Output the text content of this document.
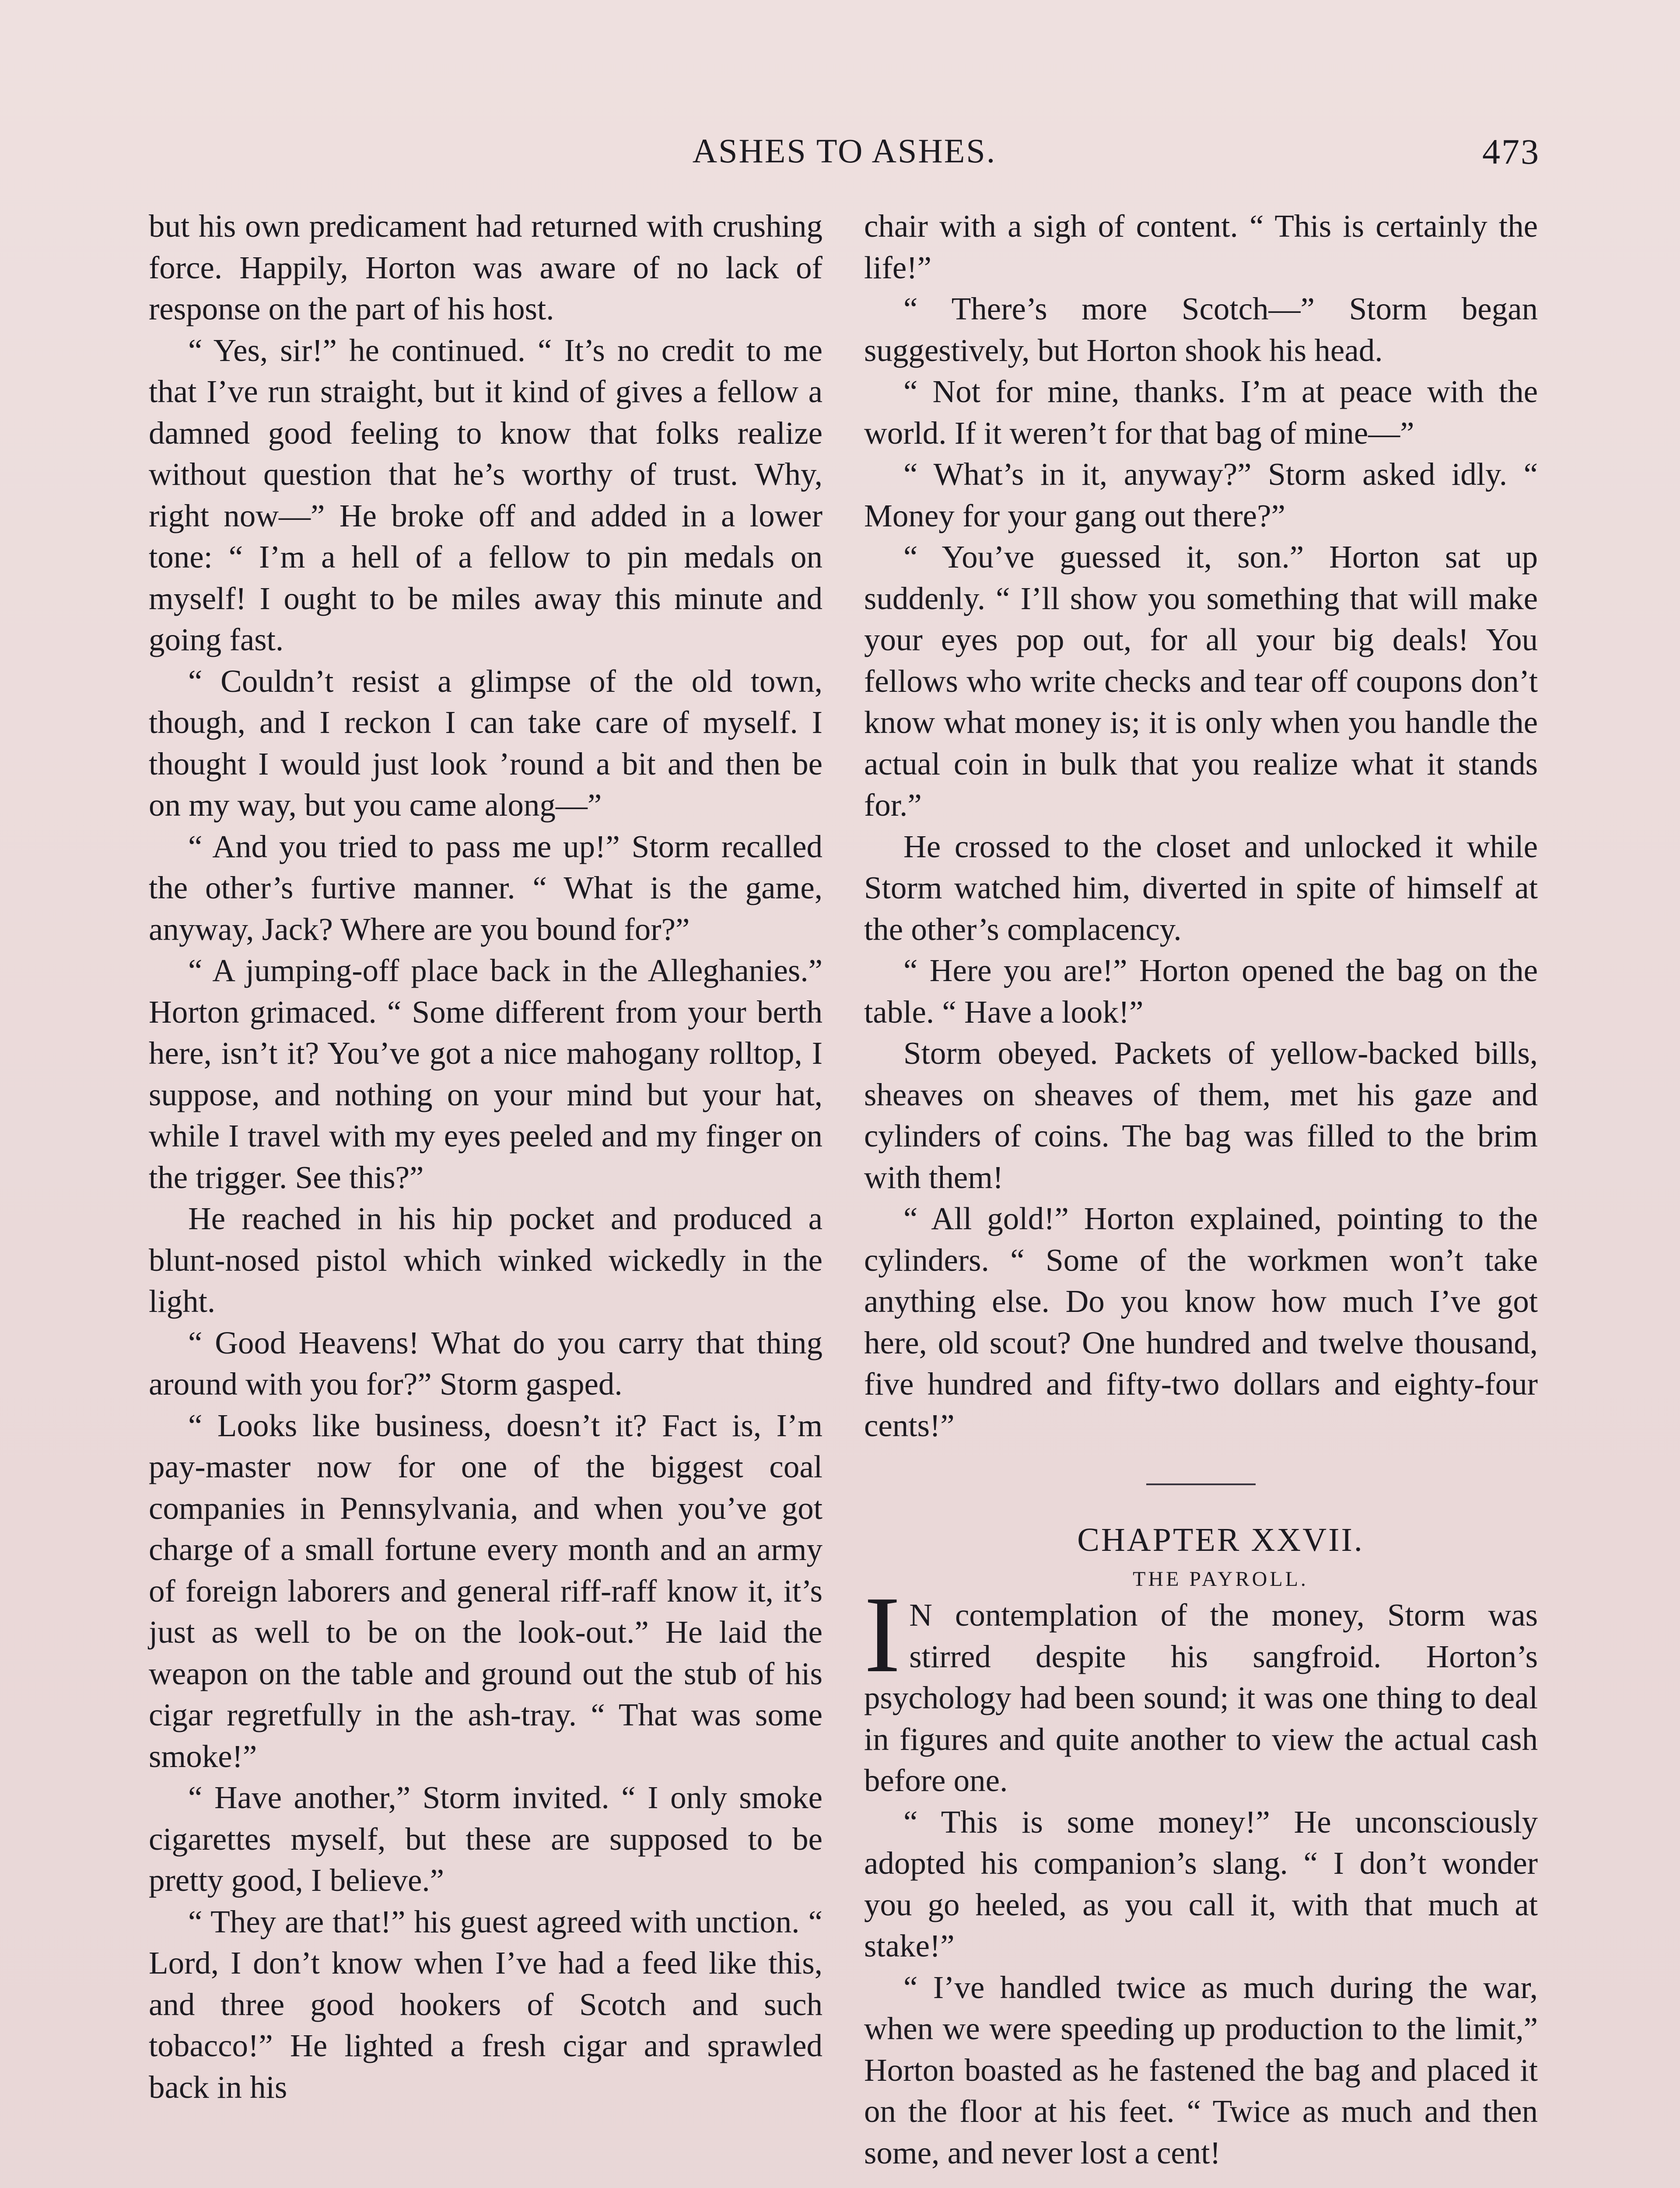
ASHES TO ASHES.	473

but his own predicament had returned with crushing force. Happily, Horton was aware of no lack of response on the part of his host.

“ Yes, sir!” he continued. “ It’s no credit to me that I’ve run straight, but it kind of gives a fellow a damned good feeling to know that folks realize without question that he’s worthy of trust. Why, right now—” He broke off and added in a lower tone: “ I’m a hell of a fellow to pin medals on myself! I ought to be miles away this minute and going fast.

“ Couldn’t resist a glimpse of the old town, though, and I reckon I can take care of myself. I thought I would just look ’round a bit and then be on my way, but you came along—”

“ And you tried to pass me up!” Storm recalled the other’s furtive manner. “ What is the game, anyway, Jack? Where are you bound for?”

“ A jumping-off place back in the Alleghanies.” Horton grimaced. “ Some different from your berth here, isn’t it? You’ve got a nice mahogany rolltop, I suppose, and nothing on your mind but your hat, while I travel with my eyes peeled and my finger on the trigger. See this?”

He reached in his hip pocket and produced a blunt-nosed pistol which winked wickedly in the light.

“ Good Heavens! What do you carry that thing around with you for?” Storm gasped.

“ Looks like business, doesn’t it? Fact is, I’m pay-master now for one of the biggest coal companies in Pennsylvania, and when you’ve got charge of a small fortune every month and an army of foreign laborers and general riff-raff know it, it’s just as well to be on the look-out.” He laid the weapon on the table and ground out the stub of his cigar regretfully in the ash-tray. “ That was some smoke!”

“ Have another,” Storm invited. “ I only smoke cigarettes myself, but these are supposed to be pretty good, I believe.”

“ They are that!” his guest agreed with unction. “ Lord, I don’t know when I’ve had a feed like this, and three good hookers of Scotch and such tobacco!” He lighted a fresh cigar and sprawled back in his

chair with a sigh of content. “ This is certainly the life!”

“ There’s more Scotch—” Storm began suggestively, but Horton shook his head.

“ Not for mine, thanks. I’m at peace with the world. If it weren’t for that bag of mine—”

“ What’s in it, anyway?” Storm asked idly. “ Money for your gang out there?”

“ You’ve guessed it, son.” Horton sat up suddenly. “ I’ll show you something that will make your eyes pop out, for all your big deals! You fellows who write checks and tear off coupons don’t know what money is; it is only when you handle the actual coin in bulk that you realize what it stands for.”

He crossed to the closet and unlocked it while Storm watched him, diverted in spite of himself at the other’s complacency.

“ Here you are!” Horton opened the bag on the table. “ Have a look!”

Storm obeyed. Packets of yellow-backed bills, sheaves on sheaves of them, met his gaze and cylinders of coins. The bag was filled to the brim with them!

“ All gold!” Horton explained, pointing to the cylinders. “ Some of the workmen won’t take anything else. Do you know how much I’ve got here, old scout? One hundred and twelve thousand, five hundred and fifty-two dollars and eighty-four cents!”

CHAPTER XXVII.

THE PAYROLL.

I N contemplation of the money, Storm was stirred despite his sangfroid. Horton’s psychology had been sound; it was one thing to deal in figures and quite another to view the actual cash before one.

“ This is some money!” He unconsciously adopted his companion’s slang. “ I don’t wonder you go heeled, as you call it, with that much at stake!”

“ I’ve handled twice as much during the war, when we were speeding up production to the limit,” Horton boasted as he fastened the bag and placed it on the floor at his feet. “ Twice as much and then some, and never lost a cent!
